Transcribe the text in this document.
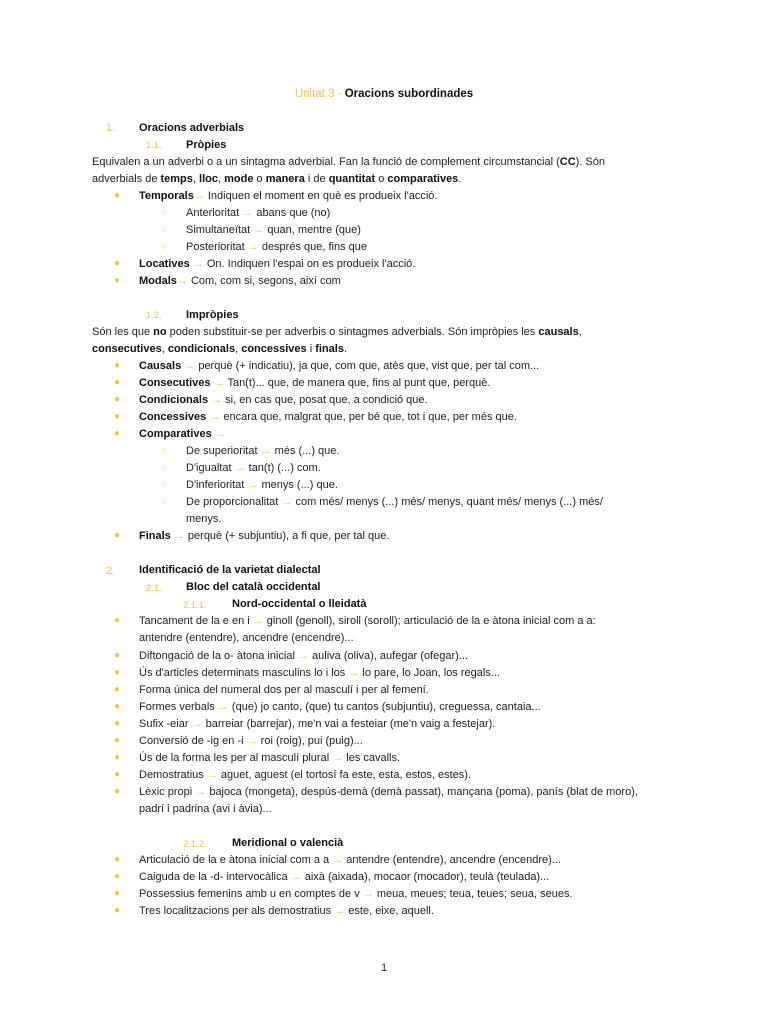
Unitat 3 - Oracions subordinades
1. Oracions adverbials
1.1. Pròpies
Equivalen a un adverbi o a un sintagma adverbial. Fan la funció de complement circumstancial (CC). Són
adverbials de temps, lloc, mode o manera i de quantitat o comparatives.
● Temporals→ Indiquen el moment en què es produeix l'acció.
○ Anterioritat → abans que (no)
○ Simultaneïtat → quan, mentre (que)
○ Posterioritat → després que, fins que
● Locatives → On. Indiquen l'espai on es produeix l'acció.
● Modals→ Com, com si, segons, així com
1.2. Impròpies
Són les que no poden substituir-se per adverbis o sintagmes adverbials. Són impròpies les causals,
consecutives, condicionals, concessives i finals.
● Causals → perquè (+ indicatiu), ja que, com que, atès que, vist que, per tal com...
● Consecutives → Tan(t)... que, de manera que, fins al punt que, perquè.
● Condicionals → si, en cas que, posat que, a condició que.
● Concessives → encara que, malgrat que, per bé que, tot i que, per més que.
● Comparatives →
○ De superioritat → més (...) que.
○ D'igualtat → tan(t) (...) com.
○ D'inferioritat → menys (...) que.
○ De proporcionalitat → com més/ menys (...) més/ menys, quant més/ menys (...) més/
menys.
● Finals → perquè (+ subjuntiu), a fi que, per tal que.
2. Identificació de la varietat dialectal
2.1. Bloc del català occidental
2.1.1. Nord-occidental o lleidatà
● Tancament de la e en i → ginoll (genoll), siroll (soroll); articulació de la e àtona inicial com a a:
antendre (entendre), ancendre (encendre)...
● Diftongació de la o- àtona inicial → auliva (oliva), aufegar (ofegar)...
● Ús d'articles determinats masculins lo i los → lo pare, lo Joan, los regals...
● Forma única del numeral dos per al masculí i per al femení.
● Formes verbals → (que) jo canto, (que) tu cantos (subjuntiu), creguessa, cantaia...
● Sufix -eiar → barreiar (barrejar), me'n vai a festeiar (me'n vaig a festejar).
● Conversió de -ig en -i → roi (roig), pui (puig)...
● Ús de la forma les per al masculí plural → les cavalls.
● Demostratius → aguet, aguest (el tortosí fa este, esta, estos, estes).
● Lèxic propi → bajoca (mongeta), despús-demà (demà passat), mançana (poma), panís (blat de moro),
padrí i padrina (avi i àvia)...
2.1.2. Meridional o valencià
● Articulació de la e àtona inicial com a a → antendre (entendre), ancendre (encendre)...
● Caiguda de la -d- intervocàlica → aixà (aixada), mocaor (mocador), teulà (teulada)...
● Possessius femenins amb u en comptes de v → meua, meues; teua, teues; seua, seues.
● Tres localitzacions per als demostratius → este, eixe, aquell.
1
